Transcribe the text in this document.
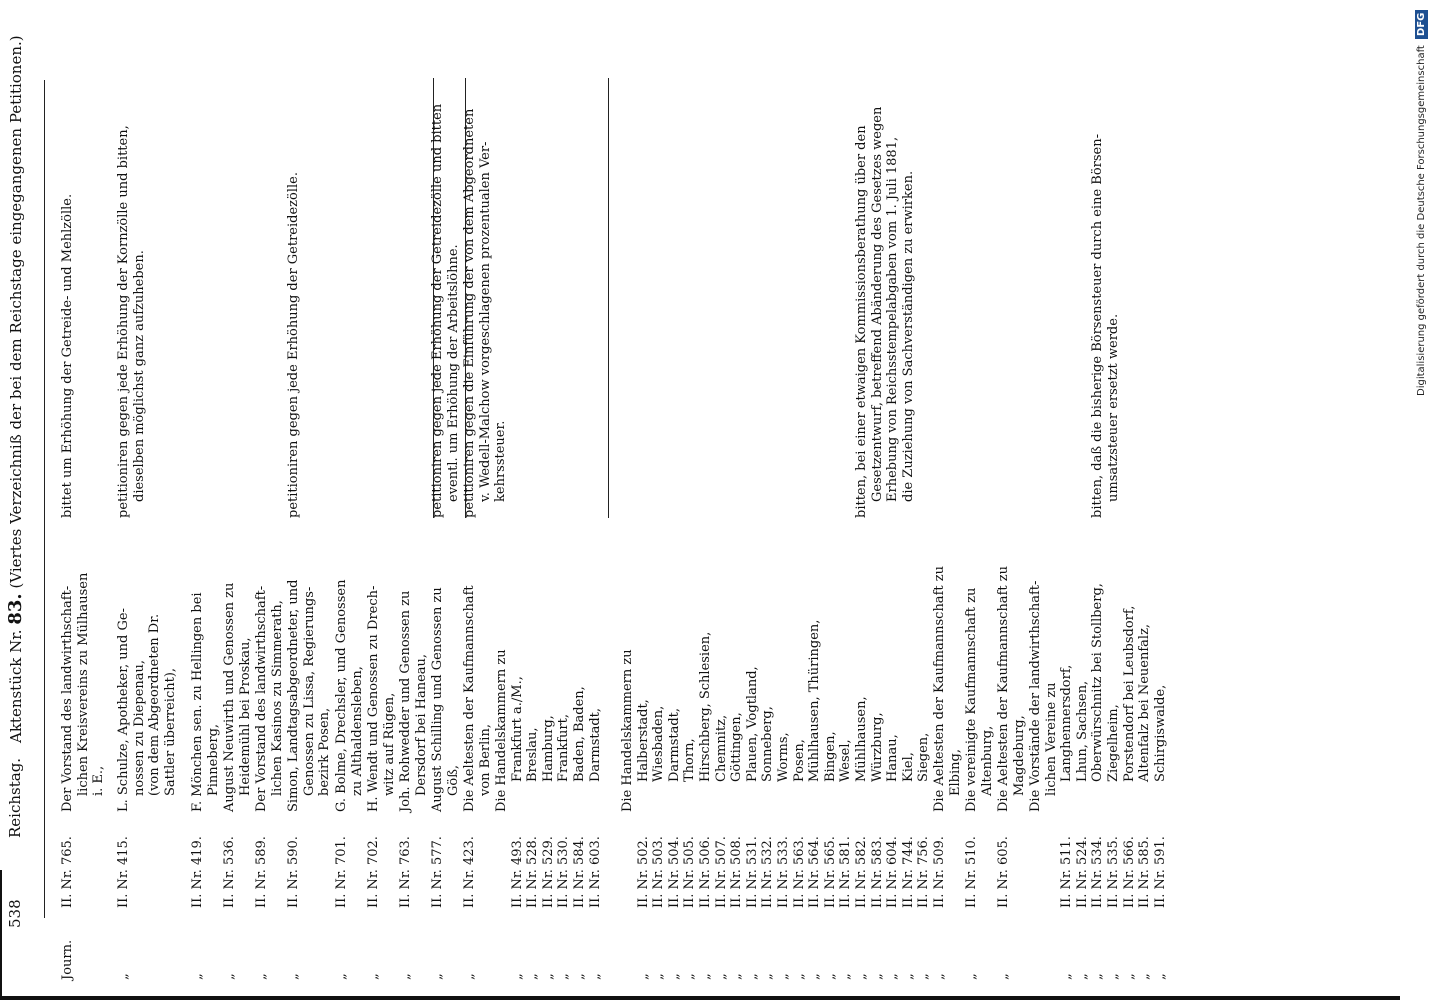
538
Reichstag.
Aktenstück Nr. 83. (Viertes Verzeichniß der bei dem Reichstage eingegangenen Petitionen.)
Journ.
II. Nr. 765.
Der Vorstand des landwirthschaft- lichen Kreisvereins zu Mülhausen i. E.,
bittet um Erhöhung der Getreide- und Mehlzölle.
„
II. Nr. 415.
L. Schulze, Apotheker, und Ge- nossen zu Diepenau, (von dem Abgeordneten Dr. Sattler überreicht),
petitioniren gegen jede Erhöhung der Kornzölle und bitten, dieselben möglichst ganz aufzuheben.
„
II. Nr. 419.
F. Mönchen sen. zu Hellingen bei Pinneberg,
„
II. Nr. 536.
August Neuwirth und Genossen zu Heidemühl bei Proskau,
„
II. Nr. 589.
Der Vorstand des landwirthschaft- lichen Kasinos zu Simmerath,
„
II. Nr. 590.
Simon, Landtagsabgeordneter, und Genossen zu Lissa, Regierungs- bezirk Posen,
petitioniren gegen jede Erhöhung der Getreidezölle.
„
II. Nr. 701.
G. Bolme, Drechsler, und Genossen zu Althaldensleben,
„
II. Nr. 702.
H. Wendt und Genossen zu Drech- witz auf Rügen,
„
II. Nr. 763.
Joh. Rohwedder und Genossen zu Dersdorf bei Haneau,
„
II. Nr. 577.
August Schilling und Genossen zu Göß,
petitioniren gegen jede Erhöhung der Getreidezölle und bitten eventl. um Erhöhung der Arbeitslöhne.
„
II. Nr. 423.
Die Aeltesten der Kaufmannschaft von Berlin,
petitioniren gegen die Einführung der von dem Abgeordneten v. Wedell-Malchow vorgeschlagenen prozentualen Ver- kehrssteuer.
Die Handelskammern zu
„
II. Nr. 493.
Frankfurt a./M.,
„
II. Nr. 528.
Breslau,
„
II. Nr. 529.
Hamburg,
„
II. Nr. 530.
Frankfurt,
„
II. Nr. 584.
Baden, Baden,
„
II. Nr. 603.
Darmstadt, Die Handelskammern zu
„
II. Nr. 502.
Halberstadt,
„
II. Nr. 503.
Wiesbaden,
„
II. Nr. 504.
Darmstadt,
„
II. Nr. 505.
Thorn,
„
II. Nr. 506.
Hirschberg, Schlesien,
„
II. Nr. 507.
Chemnitz,
„
II. Nr. 508.
Göttingen,
„
II. Nr. 531.
Plauen, Vogtland,
„
II. Nr. 532.
Sonneberg,
„
II. Nr. 533.
Worms,
„
II. Nr. 563.
Posen,
„
II. Nr. 564.
Mühlhausen, Thüringen,
„
II. Nr. 565.
Bingen,
„
II. Nr. 581.
Wesel,
„
II. Nr. 582.
Mühlhausen,
„
II. Nr. 583.
Würzburg,
„
II. Nr. 604.
Hanau,
„
II. Nr. 744.
Kiel,
„
II. Nr. 756.
Siegen,
bitten, bei einer etwaigen Kommissionsberathung über den Gesetzentwurf, betreffend Abänderung des Gesetzes wegen Erhebung von Reichsstempelabgaben vom 1. Juli 1881, die Zuziehung von Sachverständigen zu erwirken.
„
II. Nr. 509.
Die Aeltesten der Kaufmannschaft zu Elbing,
„
II. Nr. 510.
Die vereinigte Kaufmannschaft zu Altenburg,
„
II. Nr. 605.
Die Aeltesten der Kaufmannschaft zu Magdeburg, Die Vorstände der landwirthschaft- lichen Vereine zu
„
II. Nr. 511.
Langhennersdorf,
„
II. Nr. 524.
Lhun, Sachsen,
„
II. Nr. 534.
Oberwürschnitz bei Stollberg,
„
II. Nr. 535.
Ziegelheim,
„
II. Nr. 566.
Porstendorf bei Leubsdorf,
„
II. Nr. 585.
Altenfalz bei Neuenfalz,
„
II. Nr. 591.
Schirgiswalde,
bitten, daß die bisherige Börsensteuer durch eine Börsen- umsatzsteuer ersetzt werde.
Digitalisierung gefördert durch die Deutsche Forschungsgemeinschaft DFG
